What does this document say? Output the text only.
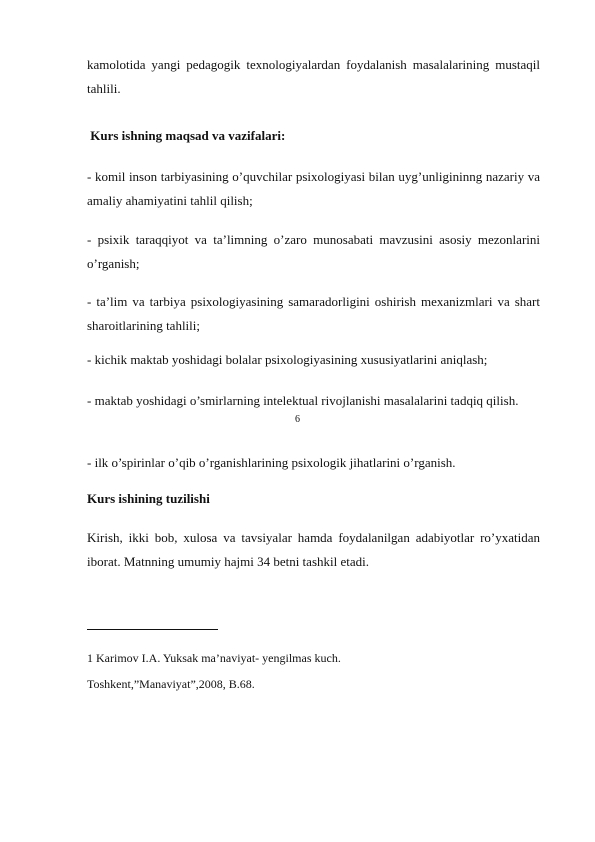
kamolotida yangi pedagogik texnologiyalardan foydalanish masalalarining mustaqil tahlili.

Kurs ishning maqsad va vazifalari:

- komil inson tarbiyasining o’quvchilar psixologiyasi bilan uyg’unligininng nazariy va amaliy ahamiyatini tahlil qilish;

- psixik taraqqiyot va ta’limning o’zaro munosabati mavzusini asosiy mezonlarini o’rganish;

- ta’lim va tarbiya psixologiyasining samaradorligini oshirish mexanizmlari va shart sharoitlarining tahlili;

- kichik maktab yoshidagi bolalar psixologiyasining xususiyatlarini aniqlash;

- maktab yoshidagi o’smirlarning intelektual rivojlanishi masalalarini tadqiq qilish.

- ilk o’spirinlar o’qib o’rganishlarining psixologik jihatlarini o’rganish.

Kurs ishining tuzilishi

Kirish, ikki bob, xulosa va tavsiyalar hamda foydalanilgan adabiyotlar ro’yxatidan iborat. Matnning umumiy hajmi 34 betni tashkil etadi.

1 Karimov I.A. Yuksak ma’naviyat- yengilmas kuch.

Toshkent,”Manaviyat”,2008, B.68.

6
